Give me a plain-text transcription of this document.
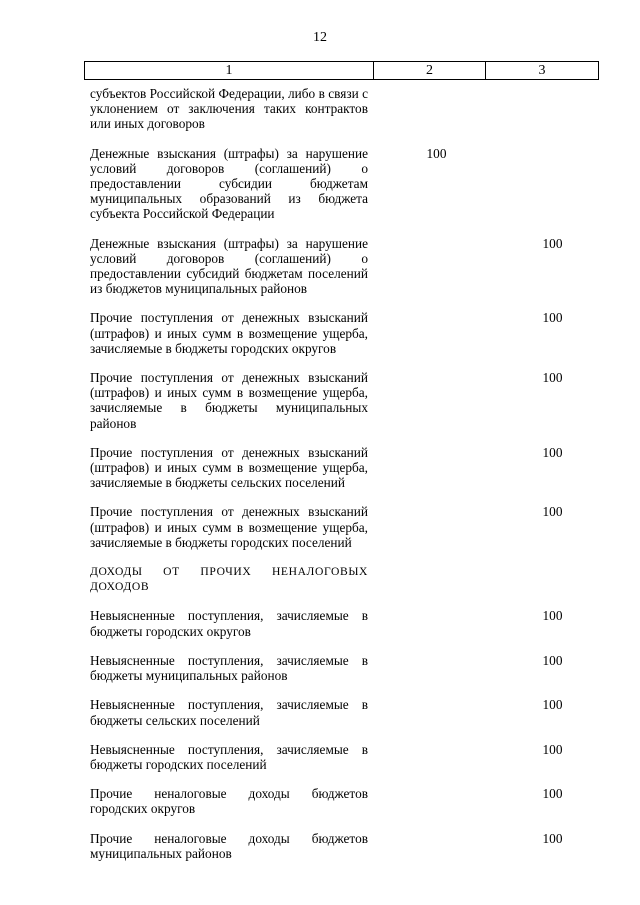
12
1	2	3
субъектов Российской Федерации, либо в связи с уклонением от заключения таких контрактов или иных договоров
Денежные взыскания (штрафы) за нарушение условий договоров (соглашений) о предоставлении субсидии бюджетам муниципальных образований из бюджета субъекта Российской Федерации
100
Денежные взыскания (штрафы) за нарушение условий договоров (соглашений) о предоставлении субсидий бюджетам поселений из бюджетов муниципальных районов
100
Прочие поступления от денежных взысканий (штрафов) и иных сумм в возмещение ущерба, зачисляемые в бюджеты городских округов
100
Прочие поступления от денежных взысканий (штрафов) и иных сумм в возмещение ущерба, зачисляемые в бюджеты муниципальных районов
100
Прочие поступления от денежных взысканий (штрафов) и иных сумм в возмещение ущерба, зачисляемые в бюджеты сельских поселений
100
Прочие поступления от денежных взысканий (штрафов) и иных сумм в возмещение ущерба, зачисляемые в бюджеты городских поселений
100
ДОХОДЫ ОТ ПРОЧИХ НЕНАЛОГОВЫХ ДОХОДОВ
Невыясненные поступления, зачисляемые в бюджеты городских округов
100
Невыясненные поступления, зачисляемые в бюджеты муниципальных районов
100
Невыясненные поступления, зачисляемые в бюджеты сельских поселений
100
Невыясненные поступления, зачисляемые в бюджеты городских поселений
100
Прочие неналоговые доходы бюджетов городских округов
100
Прочие неналоговые доходы бюджетов муниципальных районов
100
